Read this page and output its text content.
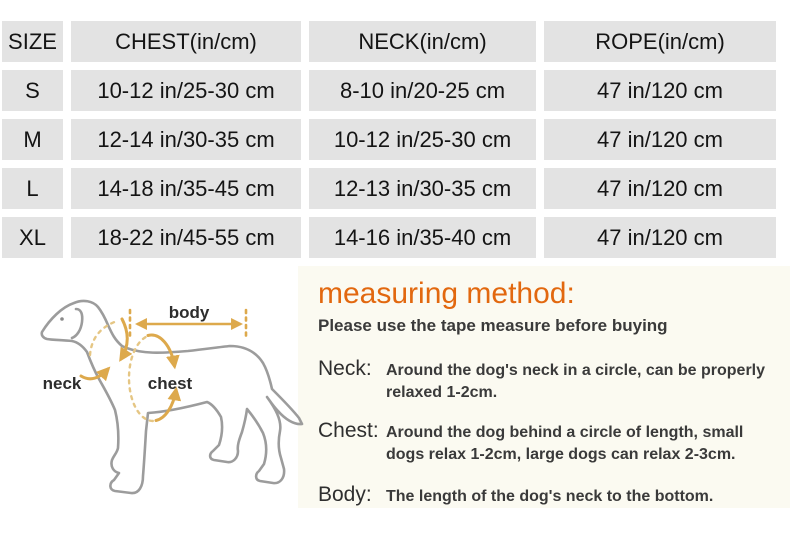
SIZE	CHEST(in/cm)	NECK(in/cm)	ROPE(in/cm)
S	10-12 in/25-30 cm	8-10 in/20-25 cm	47 in/120 cm
M	12-14 in/30-35 cm	10-12 in/25-30 cm	47 in/120 cm
L	14-18 in/35-45 cm	12-13 in/30-35 cm	47 in/120 cm
XL	18-22 in/45-55 cm	14-16 in/35-40 cm	47 in/120 cm
body
neck	chest
measuring method:
Please use the tape measure before buying
Neck: Around the dog's neck in a circle, can be properly relaxed 1-2cm.
Chest: Around the dog behind a circle of length, small dogs relax 1-2cm, large dogs can relax 2-3cm.
Body: The length of the dog's neck to the bottom.
